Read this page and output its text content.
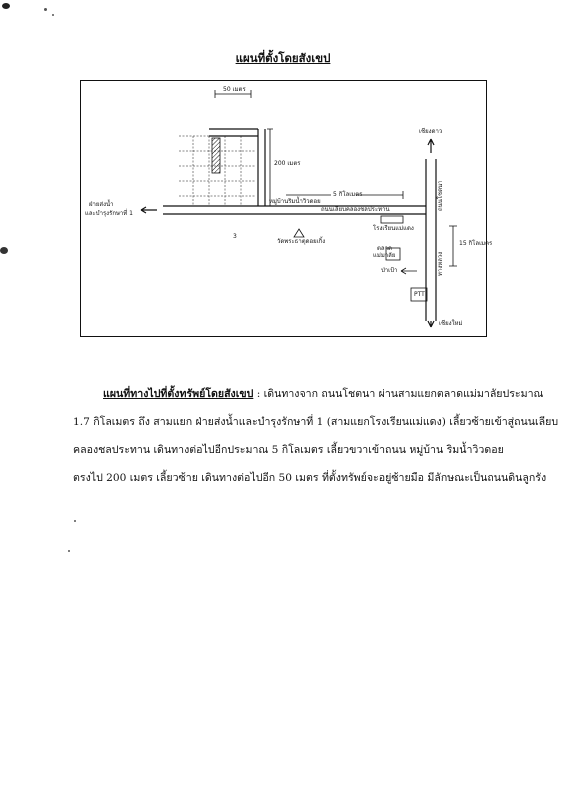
แผนที่ตั้งโดยสังเขป
50 เมตร
200 เมตร
5 กิโลเมตร
หมู่บ้านริมน้ำวิวดอย
ถนนเลียบคลองชลประทาน
ฝ่ายส่งน้ำ
และบำรุงรักษาที่ 1
โรงเรียนแม่แดง
วัดพระธาตุดอยเกิ้ง
ถนนโชตนา
ทางหลวง
ตลาด
แม่มาลัย
เชียงดาว
15 กิโลเมตร
ป่าเป้า
PTT
เชียงใหม่
3
แผนที่ทางไปที่ตั้งทรัพย์โดยสังเขป : เดินทางจาก ถนนโชตนา ผ่านสามแยกตลาดแม่มาลัยประมาณ
1.7 กิโลเมตร ถึง สามแยก ฝ่ายส่งน้ำและบำรุงรักษาที่ 1 (สามแยกโรงเรียนแม่แดง) เลี้ยวซ้ายเข้าสู่ถนนเลียบ
คลองชลประทาน เดินทางต่อไปอีกประมาณ 5 กิโลเมตร เลี้ยวขวาเข้าถนน หมู่บ้าน ริมน้ำวิวดอย
ตรงไป 200 เมตร เลี้ยวซ้าย เดินทางต่อไปอีก 50 เมตร ที่ตั้งทรัพย์จะอยู่ซ้ายมือ มีลักษณะเป็นถนนดินลูกรัง
